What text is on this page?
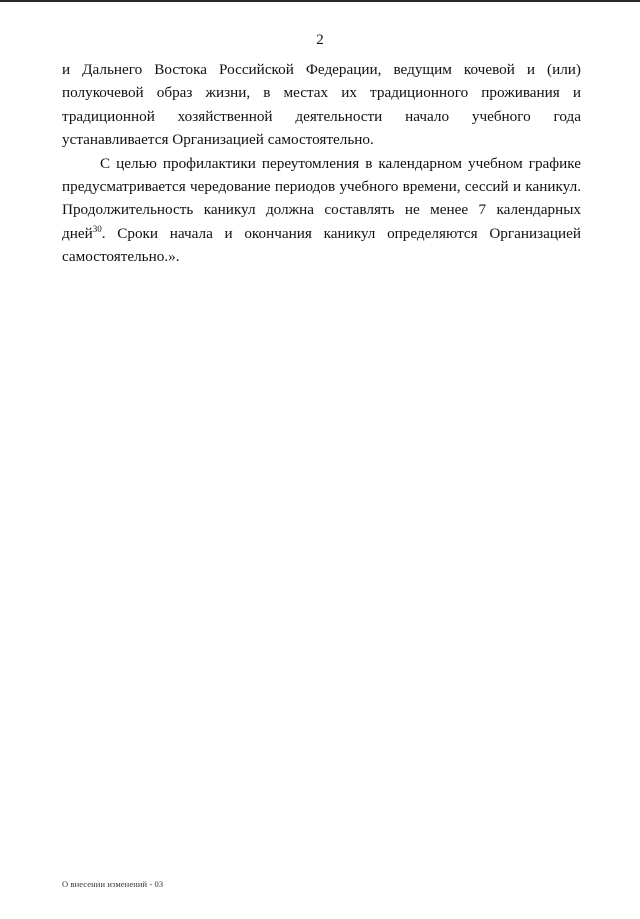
2

и Дальнего Востока Российской Федерации, ведущим кочевой и (или) полукочевой образ жизни, в местах их традиционного проживания и традиционной хозяйственной деятельности начало учебного года устанавливается Организацией самостоятельно.

С целью профилактики переутомления в календарном учебном графике предусматривается чередование периодов учебного времени, сессий и каникул. Продолжительность каникул должна составлять не менее 7 календарных дней$^{30}$. Сроки начала и окончания каникул определяются Организацией самостоятельно.».

О внесении изменений - 03
